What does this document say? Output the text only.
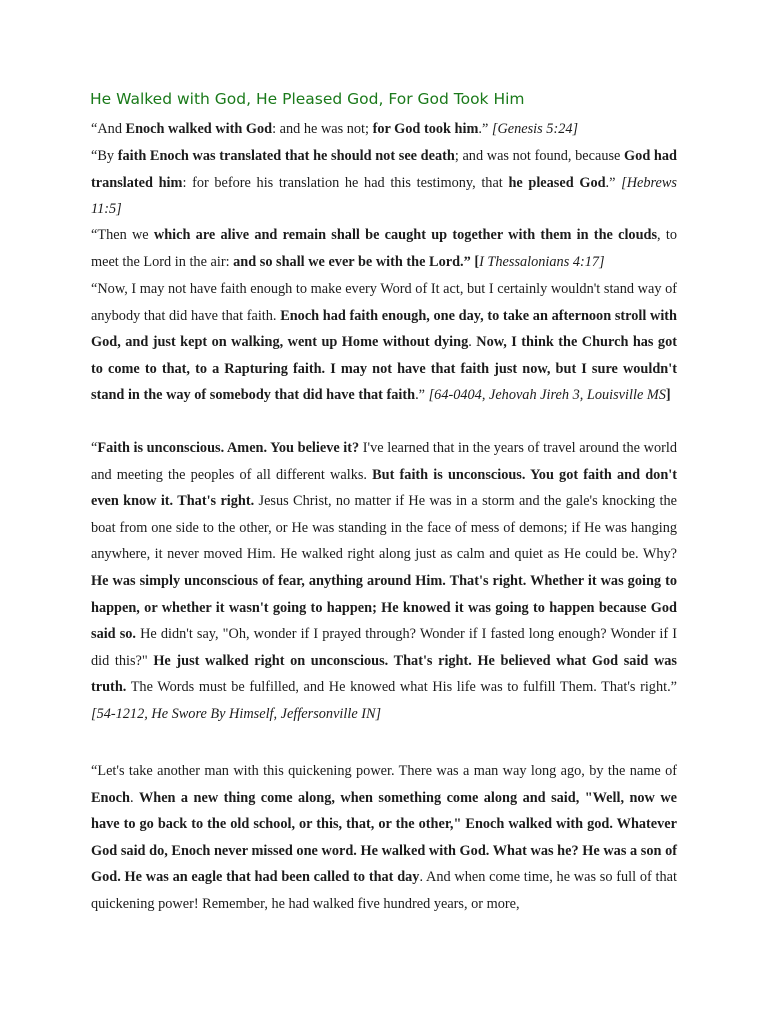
He Walked with God, He Pleased God, For God Took Him

“And Enoch walked with God: and he was not; for God took him.” [Genesis 5:24]

“By faith Enoch was translated that he should not see death; and was not found, because God had translated him: for before his translation he had this testimony, that he pleased God.” [Hebrews 11:5]

“Then we which are alive and remain shall be caught up together with them in the clouds, to meet the Lord in the air: and so shall we ever be with the Lord.” [I Thessalonians 4:17]

“Now, I may not have faith enough to make every Word of It act, but I certainly wouldn't stand way of anybody that did have that faith. Enoch had faith enough, one day, to take an afternoon stroll with God, and just kept on walking, went up Home without dying. Now, I think the Church has got to come to that, to a Rapturing faith. I may not have that faith just now, but I sure wouldn't stand in the way of somebody that did have that faith.” [64-0404, Jehovah Jireh 3, Louisville MS]

“Faith is unconscious. Amen. You believe it? I've learned that in the years of travel around the world and meeting the peoples of all different walks. But faith is unconscious. You got faith and don't even know it. That's right. Jesus Christ, no matter if He was in a storm and the gale's knocking the boat from one side to the other, or He was standing in the face of mess of demons; if He was hanging anywhere, it never moved Him. He walked right along just as calm and quiet as He could be. Why? He was simply unconscious of fear, anything around Him. That's right. Whether it was going to happen, or whether it wasn't going to happen; He knowed it was going to happen because God said so. He didn't say, "Oh, wonder if I prayed through? Wonder if I fasted long enough? Wonder if I did this?" He just walked right on unconscious. That's right. He believed what God said was truth. The Words must be fulfilled, and He knowed what His life was to fulfill Them. That's right.” [54-1212, He Swore By Himself, Jeffersonville IN]

“Let's take another man with this quickening power. There was a man way long ago, by the name of Enoch. When a new thing come along, when something come along and said, "Well, now we have to go back to the old school, or this, that, or the other," Enoch walked with god. Whatever God said do, Enoch never missed one word. He walked with God. What was he? He was a son of God. He was an eagle that had been called to that day. And when come time, he was so full of that quickening power! Remember, he had walked five hundred years, or more,
